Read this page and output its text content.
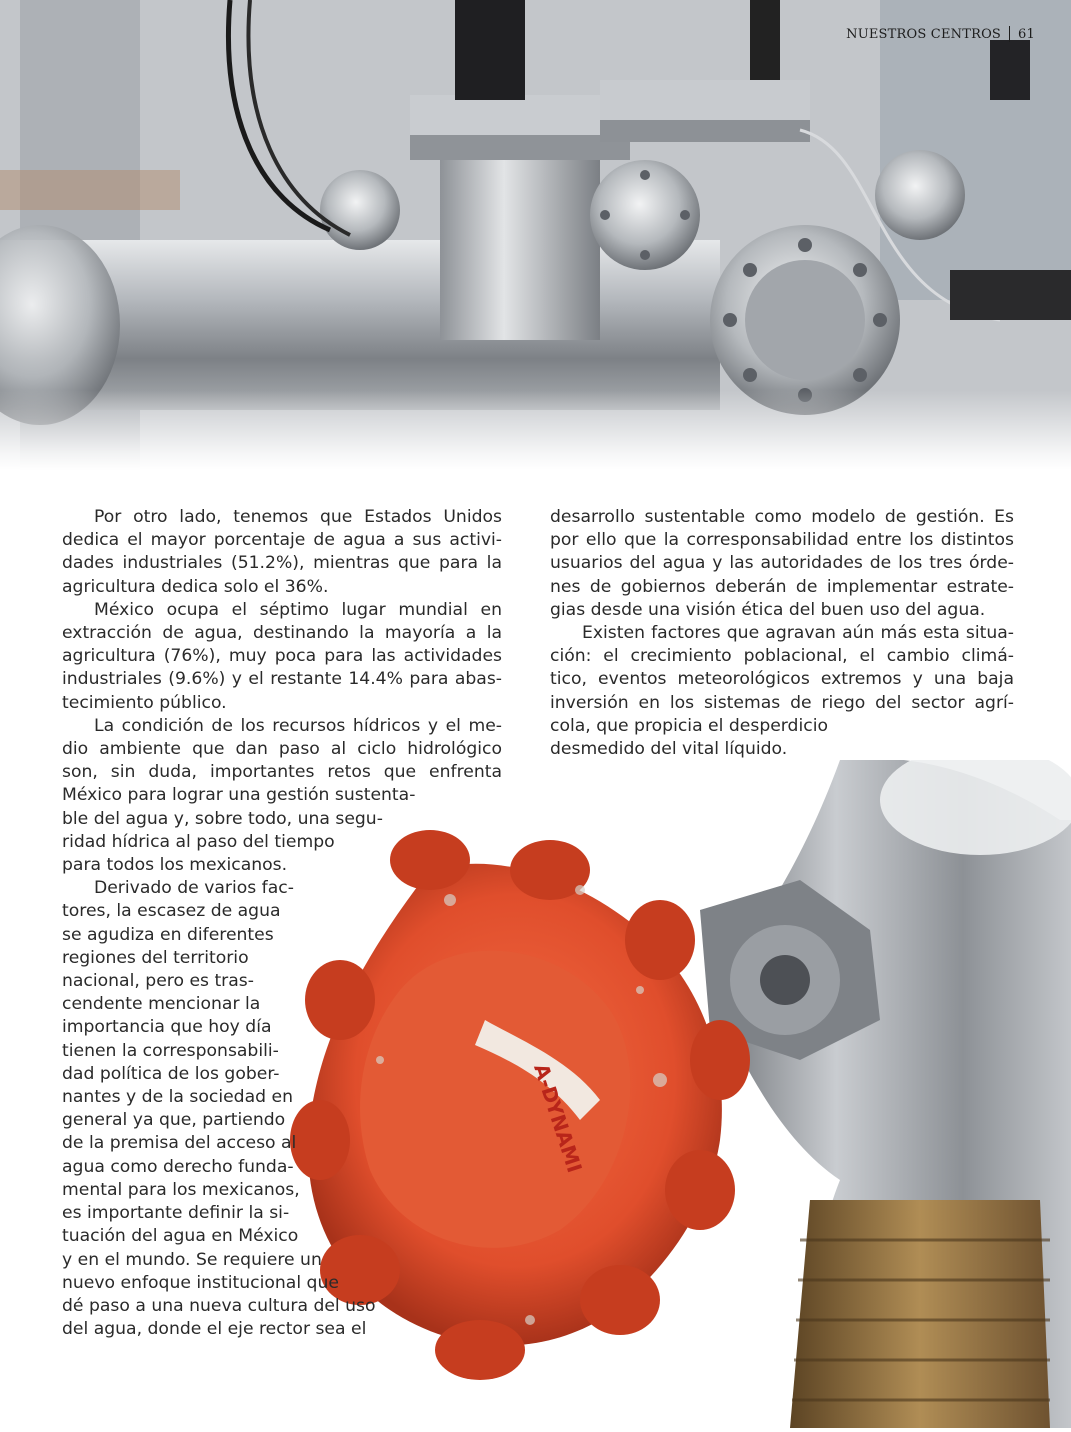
NUESTROS CENTROS 61
A-DYNAMI

Por otro lado, tenemos que Estados Unidos
dedica el mayor porcentaje de agua a sus activi-
dades industriales (51.2%), mientras que para la
agricultura dedica solo el 36%.

México ocupa el séptimo lugar mundial en
extracción de agua, destinando la mayoría a la
agricultura (76%), muy poca para las actividades
industriales (9.6%) y el restante 14.4% para abas-
tecimiento público.

La condición de los recursos hídricos y el me-
dio ambiente que dan paso al ciclo hidrológico
son, sin duda, importantes retos que enfrenta
México para lograr una gestión sustenta-
ble del agua y, sobre todo, una segu-
ridad hídrica al paso del tiempo
para todos los mexicanos.

Derivado de varios fac-
tores, la escasez de agua
se agudiza en diferentes
regiones del territorio
nacional, pero es tras-
cendente mencionar la
importancia que hoy día
tienen la corresponsabili-
dad política de los gober-
nantes y de la sociedad en
general ya que, partiendo
de la premisa del acceso al
agua como derecho funda-
mental para los mexicanos,
es importante definir la si-
tuación del agua en México
y en el mundo. Se requiere un
nuevo enfoque institucional que
dé paso a una nueva cultura del uso
del agua, donde el eje rector sea el

desarrollo sustentable como modelo de gestión. Es
por ello que la corresponsabilidad entre los distintos
usuarios del agua y las autoridades de los tres órde-
nes de gobiernos deberán de implementar estrate-
gias desde una visión ética del buen uso del agua.

Existen factores que agravan aún más esta situa-
ción: el crecimiento poblacional, el cambio climá-
tico, eventos meteorológicos extremos y una baja
inversión en los sistemas de riego del sector agrí-
cola, que propicia el desperdicio
desmedido del vital líquido.
